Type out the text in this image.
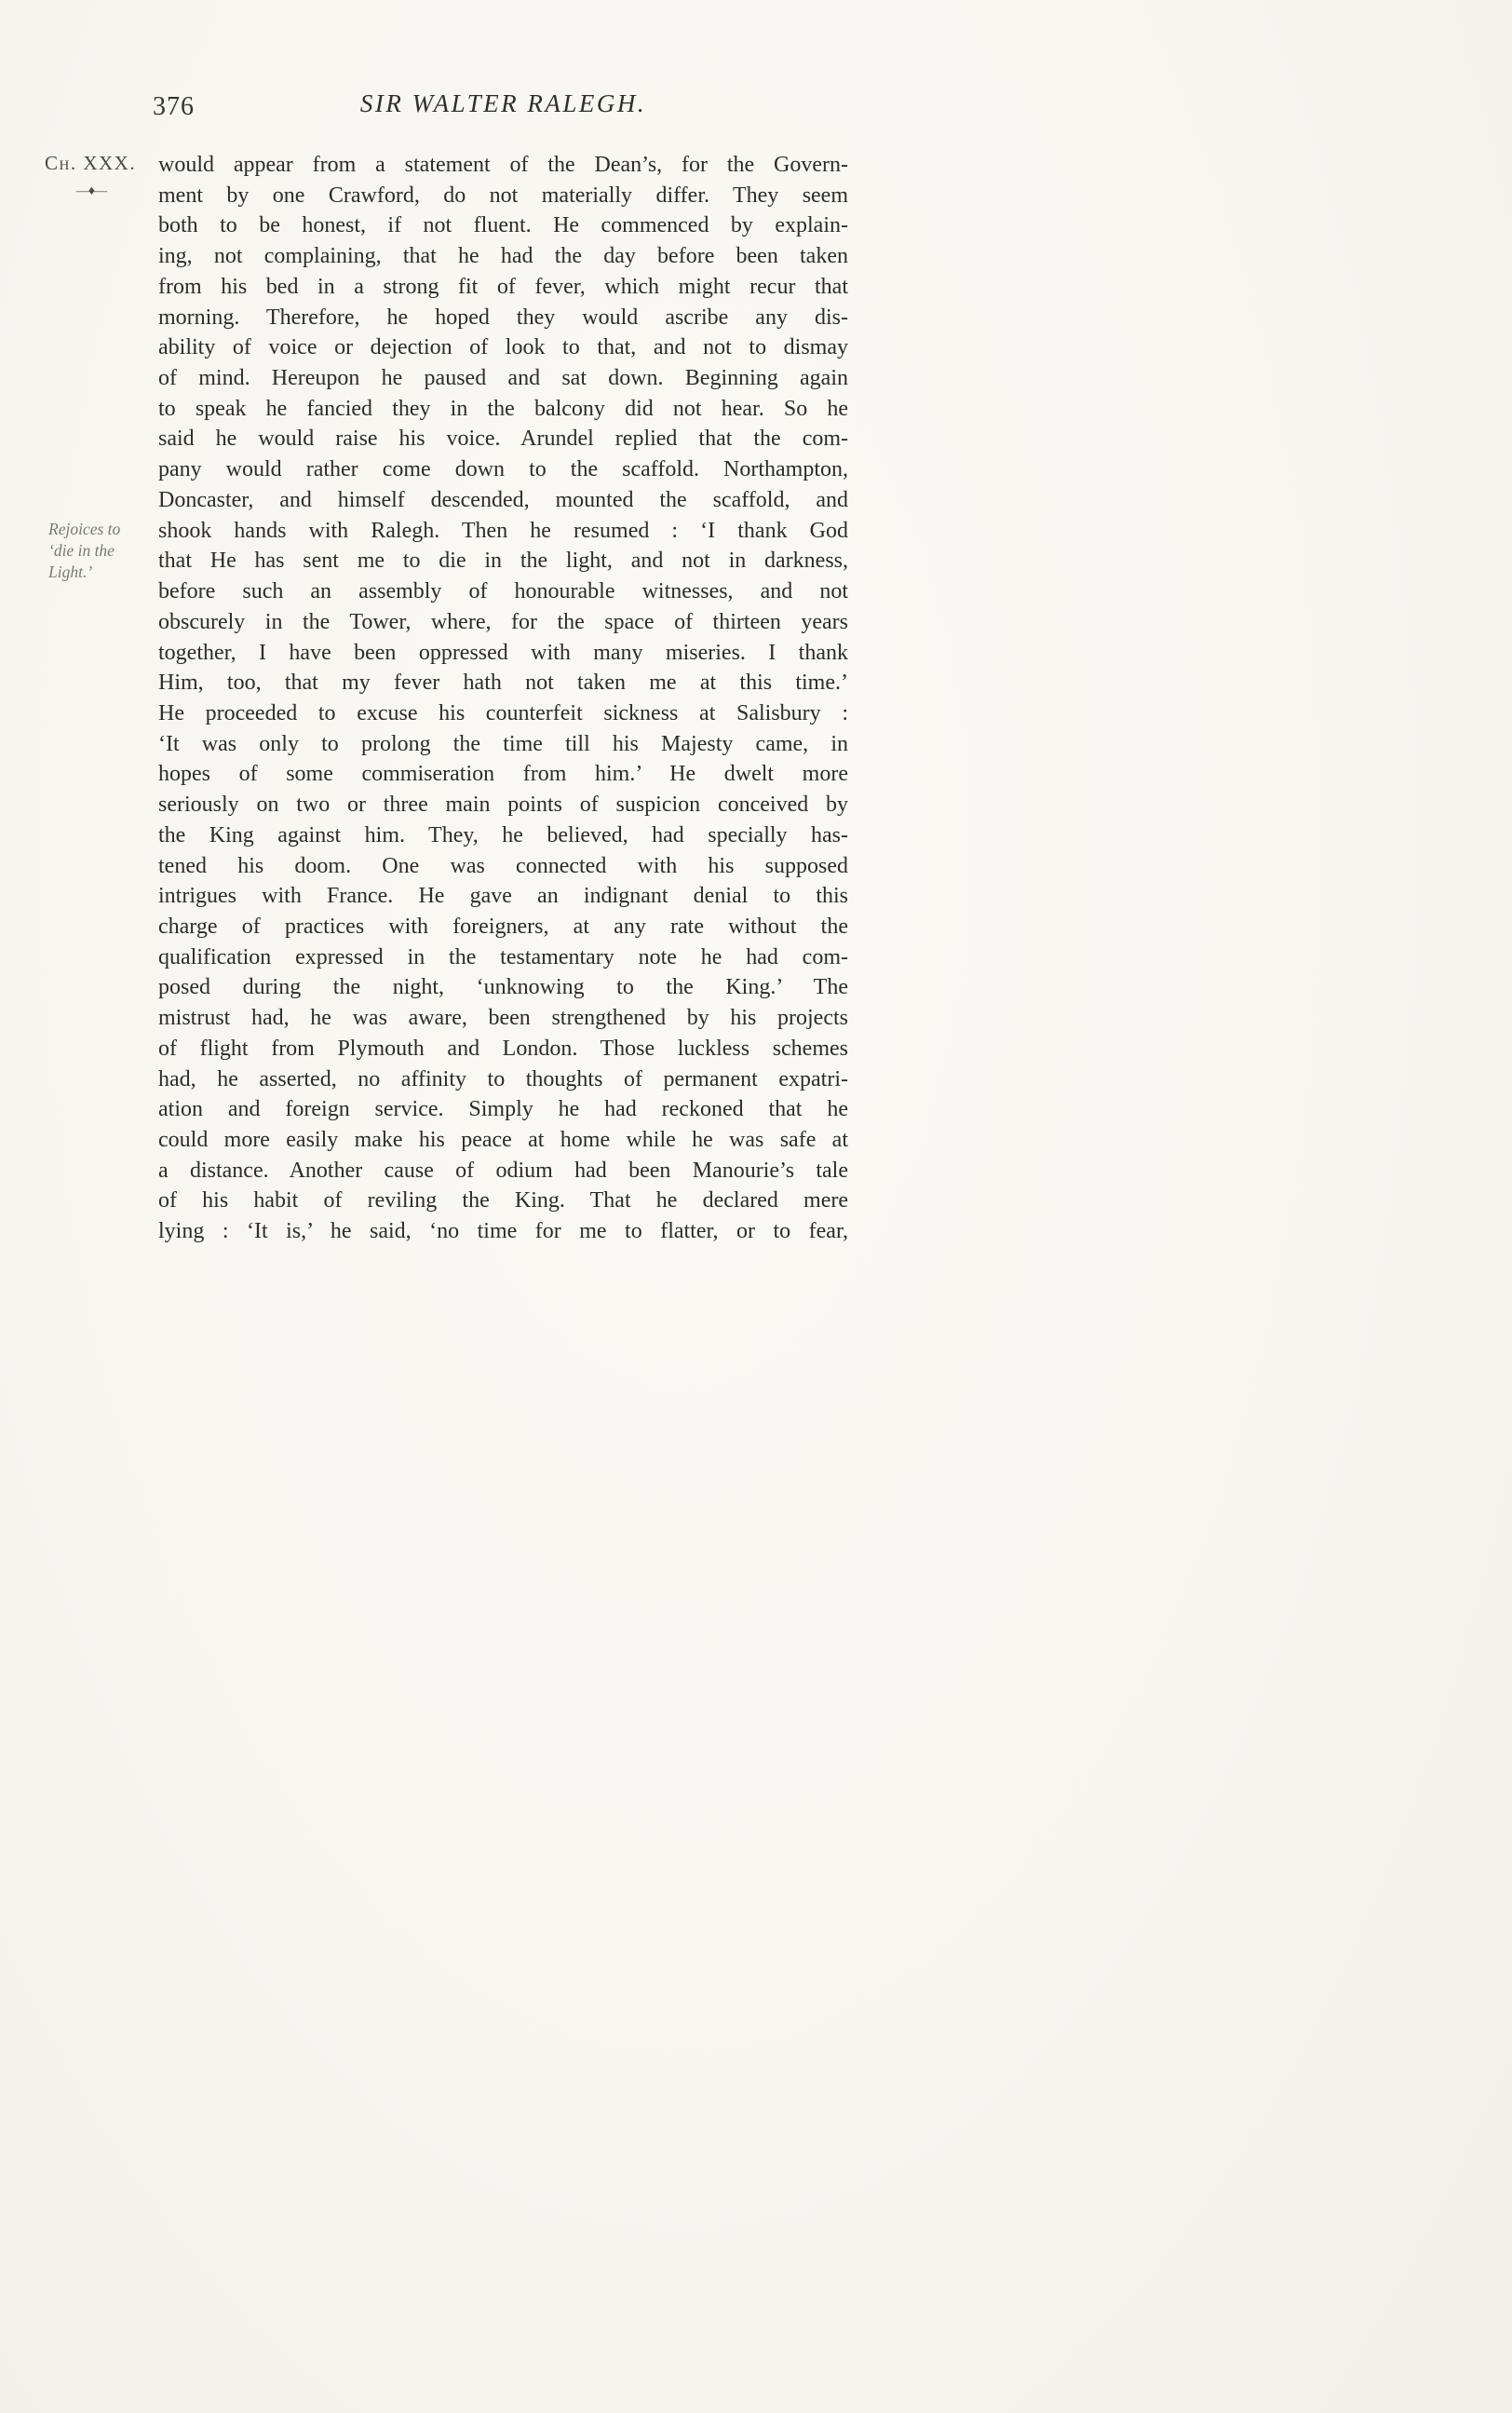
376	SIR WALTER RALEGH.
Ch. XXX.
—♦—
Rejoices to
‘die in the
Light.’
would appear from a statement of the Dean’s, for the Govern-
ment by one Crawford, do not materially differ. They seem
both to be honest, if not fluent. He commenced by explain-
ing, not complaining, that he had the day before been taken
from his bed in a strong fit of fever, which might recur that
morning. Therefore, he hoped they would ascribe any dis-
ability of voice or dejection of look to that, and not to dismay
of mind. Hereupon he paused and sat down. Beginning again
to speak he fancied they in the balcony did not hear. So he
said he would raise his voice. Arundel replied that the com-
pany would rather come down to the scaffold. Northampton,
Doncaster, and himself descended, mounted the scaffold, and
shook hands with Ralegh. Then he resumed : ‘I thank God
that He has sent me to die in the light, and not in darkness,
before such an assembly of honourable witnesses, and not
obscurely in the Tower, where, for the space of thirteen years
together, I have been oppressed with many miseries. I thank
Him, too, that my fever hath not taken me at this time.’
He proceeded to excuse his counterfeit sickness at Salisbury :
‘It was only to prolong the time till his Majesty came, in
hopes of some commiseration from him.’ He dwelt more
seriously on two or three main points of suspicion conceived by
the King against him. They, he believed, had specially has-
tened his doom. One was connected with his supposed
intrigues with France. He gave an indignant denial to this
charge of practices with foreigners, at any rate without the
qualification expressed in the testamentary note he had com-
posed during the night, ‘unknowing to the King.’ The
mistrust had, he was aware, been strengthened by his projects
of flight from Plymouth and London. Those luckless schemes
had, he asserted, no affinity to thoughts of permanent expatri-
ation and foreign service. Simply he had reckoned that he
could more easily make his peace at home while he was safe at
a distance. Another cause of odium had been Manourie’s tale
of his habit of reviling the King. That he declared mere
lying : ‘It is,’ he said, ‘no time for me to flatter, or to fear,
